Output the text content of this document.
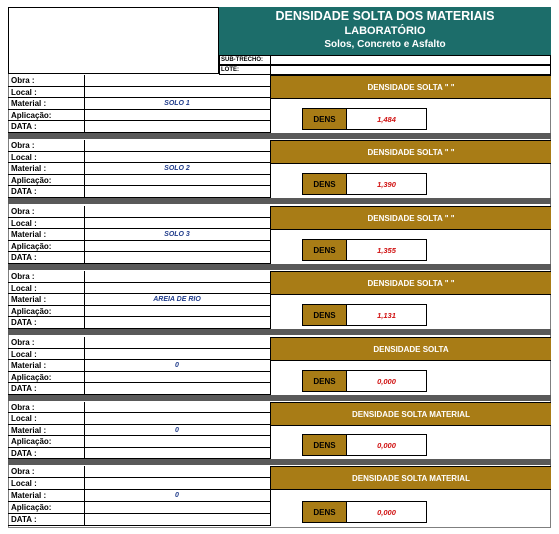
DENSIDADE SOLTA DOS MATERIAIS
LABORATÓRIO
Solos, Concreto e Asfalto
SUB-TRECHO:
LOTE:
Obra :
Local :
Material :	SOLO 1
Aplicação:
DATA :
DENSIDADE SOLTA " "
DENS	1,484
Obra :
Local :
Material :	SOLO 2
Aplicação:
DATA :
DENSIDADE SOLTA " "
DENS	1,390
Obra :
Local :
Material :	SOLO 3
Aplicação:
DATA :
DENSIDADE SOLTA " "
DENS	1,355
Obra :
Local :
Material :	AREIA DE RIO
Aplicação:
DATA :
DENSIDADE SOLTA " "
DENS	1,131
Obra :
Local :
Material :	0
Aplicação:
DATA :
DENSIDADE SOLTA
DENS	0,000
Obra :
Local :
Material :	0
Aplicação:
DATA :
DENSIDADE SOLTA MATERIAL
DENS	0,000
Obra :
Local :
Material :	0
Aplicação:
DATA :
DENSIDADE SOLTA MATERIAL
DENS	0,000
